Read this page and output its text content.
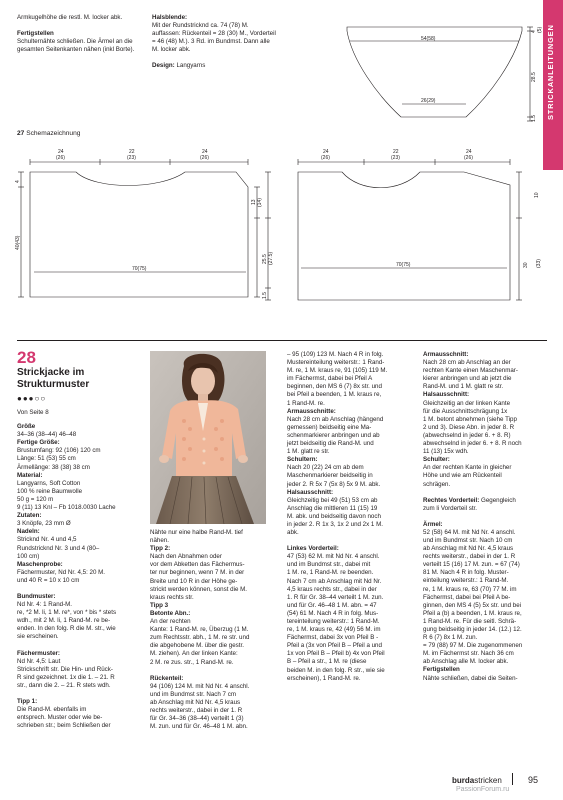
STRICKANLEITUNGEN

Armkugelhöhe die restl. M. locker abk.

Fertigstellen

Schulternähte schließen. Die Ärmel an die gesamten Seitenkanten nähen (inkl Borte).

Halsblende:

Mit der Rundstricknd ca. 74 (78) M. auffassen: Rückenteil = 28 (30) M., Vorderteil = 46 (48) M.). 3 Rd. im Bundmst. Dann alle M. locker abk.

Design: Langyarns

27 Schemazeichnung
54(58)
26(29)
4 (5)
28.5
1.5
24
(26)
22
(23)
24
(26)
4
40(43)
70(75)
13 (14)
25.5 (27.5)
1.5
24
(26)
22
(23)
24
(26)
70(75)
10
30 (33)
28
Strickjacke im
Strukturmuster
●●●○○

Von Seite 8

Größe

34–36 (38–44) 46–48

Fertige Größe:

Brustumfang: 92 (106) 120 cm
Länge: 51 (53) 55 cm
Ärmellänge: 38 (38) 38 cm

Material:

Langyarns, Soft Cotton
100 % reine Baumwolle
50 g = 120 m
9 (11) 13 Knl – Fb 1018.0030 Lache

Zutaten:

3 Knöpfe, 23 mm Ø

Nadeln:

Stricknd Nr. 4 und 4,5
Rundstricknd Nr. 3 und 4 (80–
100 cm)

Maschenprobe:

Fächermuster, Nd Nr. 4,5: 20 M.
und 40 R = 10 x 10 cm

Bundmuster:

Nd Nr. 4: 1 Rand-M.
re, *2 M. li, 1 M. re*, von * bis * stets
wdh., mit 2 M. li, 1 Rand-M. re be-
enden. In den folg. R die M. str., wie
sie erscheinen.

Fächermuster:

Nd Nr. 4,5: Laut
Strickschrift str. Die Hin- und Rück-
R sind gezeichnet. 1x die 1. – 21. R
str., dann die 2. – 21. R stets wdh.

Tipp 1:

Die Rand-M. ebenfalls im
entsprech. Muster oder wie be-
schrieben str.; beim Schließen der

Nähte nur eine halbe Rand-M. tief
nähen.

Tipp 2:

Nach den Abnahmen oder
vor dem Abketten das Fächermus-
ter nur beginnen, wenn 7 M. in der
Breite und 10 R in der Höhe ge-
strickt werden können, sonst die M.
kraus rechts str.

Tipp 3
Betonte Abn.:

An der rechten
Kante: 1 Rand-M. re, Überzug (1 M.
zum Rechtsstr. abh., 1 M. re str. und
die abgehobene M. über die gestr.
M. ziehen). An der linken Kante:
2 M. re zus. str., 1 Rand-M. re.

Rückenteil:

94 (106) 124 M. mit Nd Nr. 4 anschl.
und im Bundmst str. Nach 7 cm
ab Anschlag mit Nd Nr. 4,5 kraus
rechts weiterstr., dabei in der 1. R
für Gr. 34–36 (38–44) verteilt 1 (3)
M. zun. und für Gr. 46–48 1 M. abn.

– 95 (109) 123 M. Nach 4 R in folg.
Mustereinteilung weiterstr.: 1 Rand-
M. re, 1 M. kraus re, 91 (105) 119 M.
im Fächermst, dabei bei Pfeil A
beginnen, den MS 6 (7) 8x str. und
bei Pfeil a beenden, 1 M. kraus re,
1 Rand-M. re.

Armausschnitte:

Nach 28 cm ab Anschlag (hängend
gemessen) beidseitig eine Ma-
schenmarkierer anbringen und ab
jetzt beidseitig die Rand-M. und
1 M. glatt re str.

Schultern:

Nach 20 (22) 24 cm ab dem
Maschenmarkierer beidseitig in
jeder 2. R 5x 7 (5x 8) 5x 9 M. abk.

Halsausschnitt:

Gleichzeitig bei 49 (51) 53 cm ab
Anschlag die mittleren 11 (15) 19
M. abk. und beidseitig davon noch
in jeder 2. R 1x 3, 1x 2 und 2x 1 M.
abk.

Linkes Vorderteil:

47 (53) 62 M. mit Nd Nr. 4 anschl.
und im Bundmst str., dabei mit
1 M. re, 1 Rand-M. re beenden.
Nach 7 cm ab Anschlag mit Nd Nr.
4,5 kraus rechts str., dabei in der
1. R für Gr. 38–44 verteilt 1 M. zun.
und für Gr. 46–48 1 M. abn. = 47
(54) 61 M. Nach 4 R in folg. Mus-
tereinteilung weiterstr.: 1 Rand-M.
re, 1 M. kraus re, 42 (49) 56 M. im
Fächermst, dabei 3x von Pfeil B -
Pfeil a (3x von Pfeil B – Pfeil a und
1x von Pfeil B – Pfeil b) 4x von Pfeil
B – Pfeil a str., 1 M. re (diese
beiden M. in den folg. R str., wie sie
erscheinen), 1 Rand-M. re.

Armausschnitt:

Nach 28 cm ab Anschlag an der
rechten Kante einen Maschenmar-
kierer anbringen und ab jetzt die
Rand-M. und 1 M. glatt re str.

Halsausschnitt:

Gleichzeitig an der linken Kante
für die Ausschnittschrägung 1x
1 M. betont abnehmen (siehe Tipp
2 und 3). Diese Abn. in jeder 8. R
(abwechselnd in jeder 6. + 8. R)
abwechselnd in jeder 6. + 8. R noch
11 (13) 15x wdh.

Schulter:

An der rechten Kante in gleicher
Höhe und wie am Rückenteil
schrägen.

Rechtes Vorderteil: Gegengleich
zum li Vorderteil str.
Ärmel:

52 (58) 64 M. mit Nd Nr. 4 anschl.
und im Bundmst str. Nach 10 cm
ab Anschlag mit Nd Nr. 4,5 kraus
rechts weiterstr., dabei in der 1. R
verteilt 15 (16) 17 M. zun. = 67 (74)
81 M. Nach 4 R in folg. Muster-
einteilung weiterstr.: 1 Rand-M.
re, 1 M. kraus re, 63 (70) 77 M. im
Fächermst, dabei bei Pfeil A be-
ginnen, den MS 4 (5) 5x str. und bei
Pfeil a (b) a beenden, 1 M. kraus re,
1 Rand-M. re. Für die seitl. Schrä-
gung beidseitig in jeder 14. (12.) 12.
R 6 (7) 8x 1 M. zun.
= 79 (88) 97 M. Die zugenommenen
M. im Fächermst str. Nach 36 cm
ab Anschlag alle M. locker abk.

Fertigstellen

Nähte schließen, dabei die Seiten-

burdastricken	95
PassionForum.ru
